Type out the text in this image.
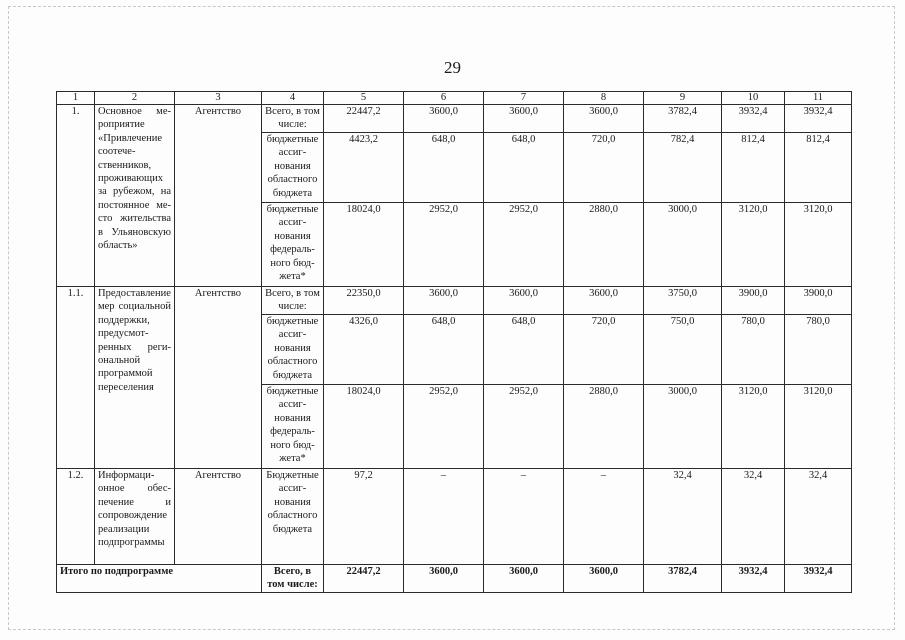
29
1	2	3	4	5	6	7	8	9	10	11
1.	Основное мероприятие «Привлечение соотечественников, проживающих за рубежом, на постоянное место жительства в Ульяновскую область»	Агентство	Всего, в том числе:	22447,2	3600,0	3600,0	3600,0	3782,4	3932,4	3932,4
			бюджетные ассигнования областного бюджета	4423,2	648,0	648,0	720,0	782,4	812,4	812,4
			бюджетные ассигнования федерального бюджета*	18024,0	2952,0	2952,0	2880,0	3000,0	3120,0	3120,0
1.1.	Предоставление мер социальной поддержки, предусмотренных региональной программой переселения	Агентство	Всего, в том числе:	22350,0	3600,0	3600,0	3600,0	3750,0	3900,0	3900,0
			бюджетные ассигнования областного бюджета	4326,0	648,0	648,0	720,0	750,0	780,0	780,0
			бюджетные ассигнования федерального бюджета*	18024,0	2952,0	2952,0	2880,0	3000,0	3120,0	3120,0
1.2.	Информационное обеспечение и сопровождение реализации подпрограммы	Агентство	Бюджетные ассигнования областного бюджета	97,2	–	–	–	32,4	32,4	32,4
Итого по подпрограмме			Всего, в том числе:	22447,2	3600,0	3600,0	3600,0	3782,4	3932,4	3932,4
